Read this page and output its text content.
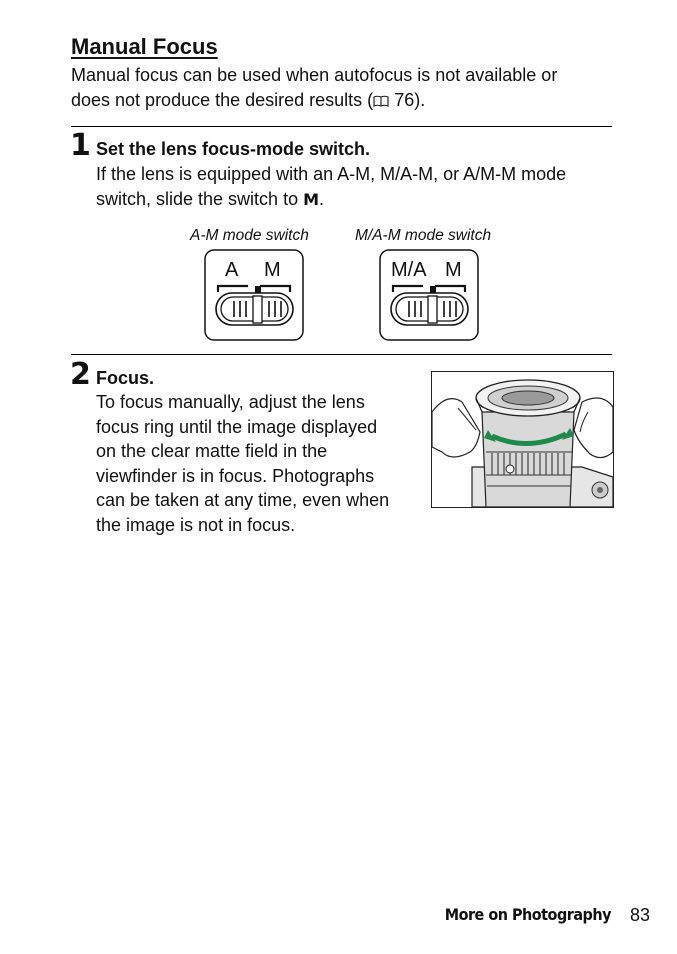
Manual Focus
Manual focus can be used when autofocus is not available or
does not produce the desired results ( 76).
1 Set the lens focus-mode switch.
If the lens is equipped with an A-M, M/A-M, or A/M-M mode
switch, slide the switch to M.
A-M mode switch	M/A-M mode switch
A M	M/A M
2 Focus.
To focus manually, adjust the lens
focus ring until the image displayed
on the clear matte field in the
viewfinder is in focus. Photographs
can be taken at any time, even when
the image is not in focus.
More on Photography 83
